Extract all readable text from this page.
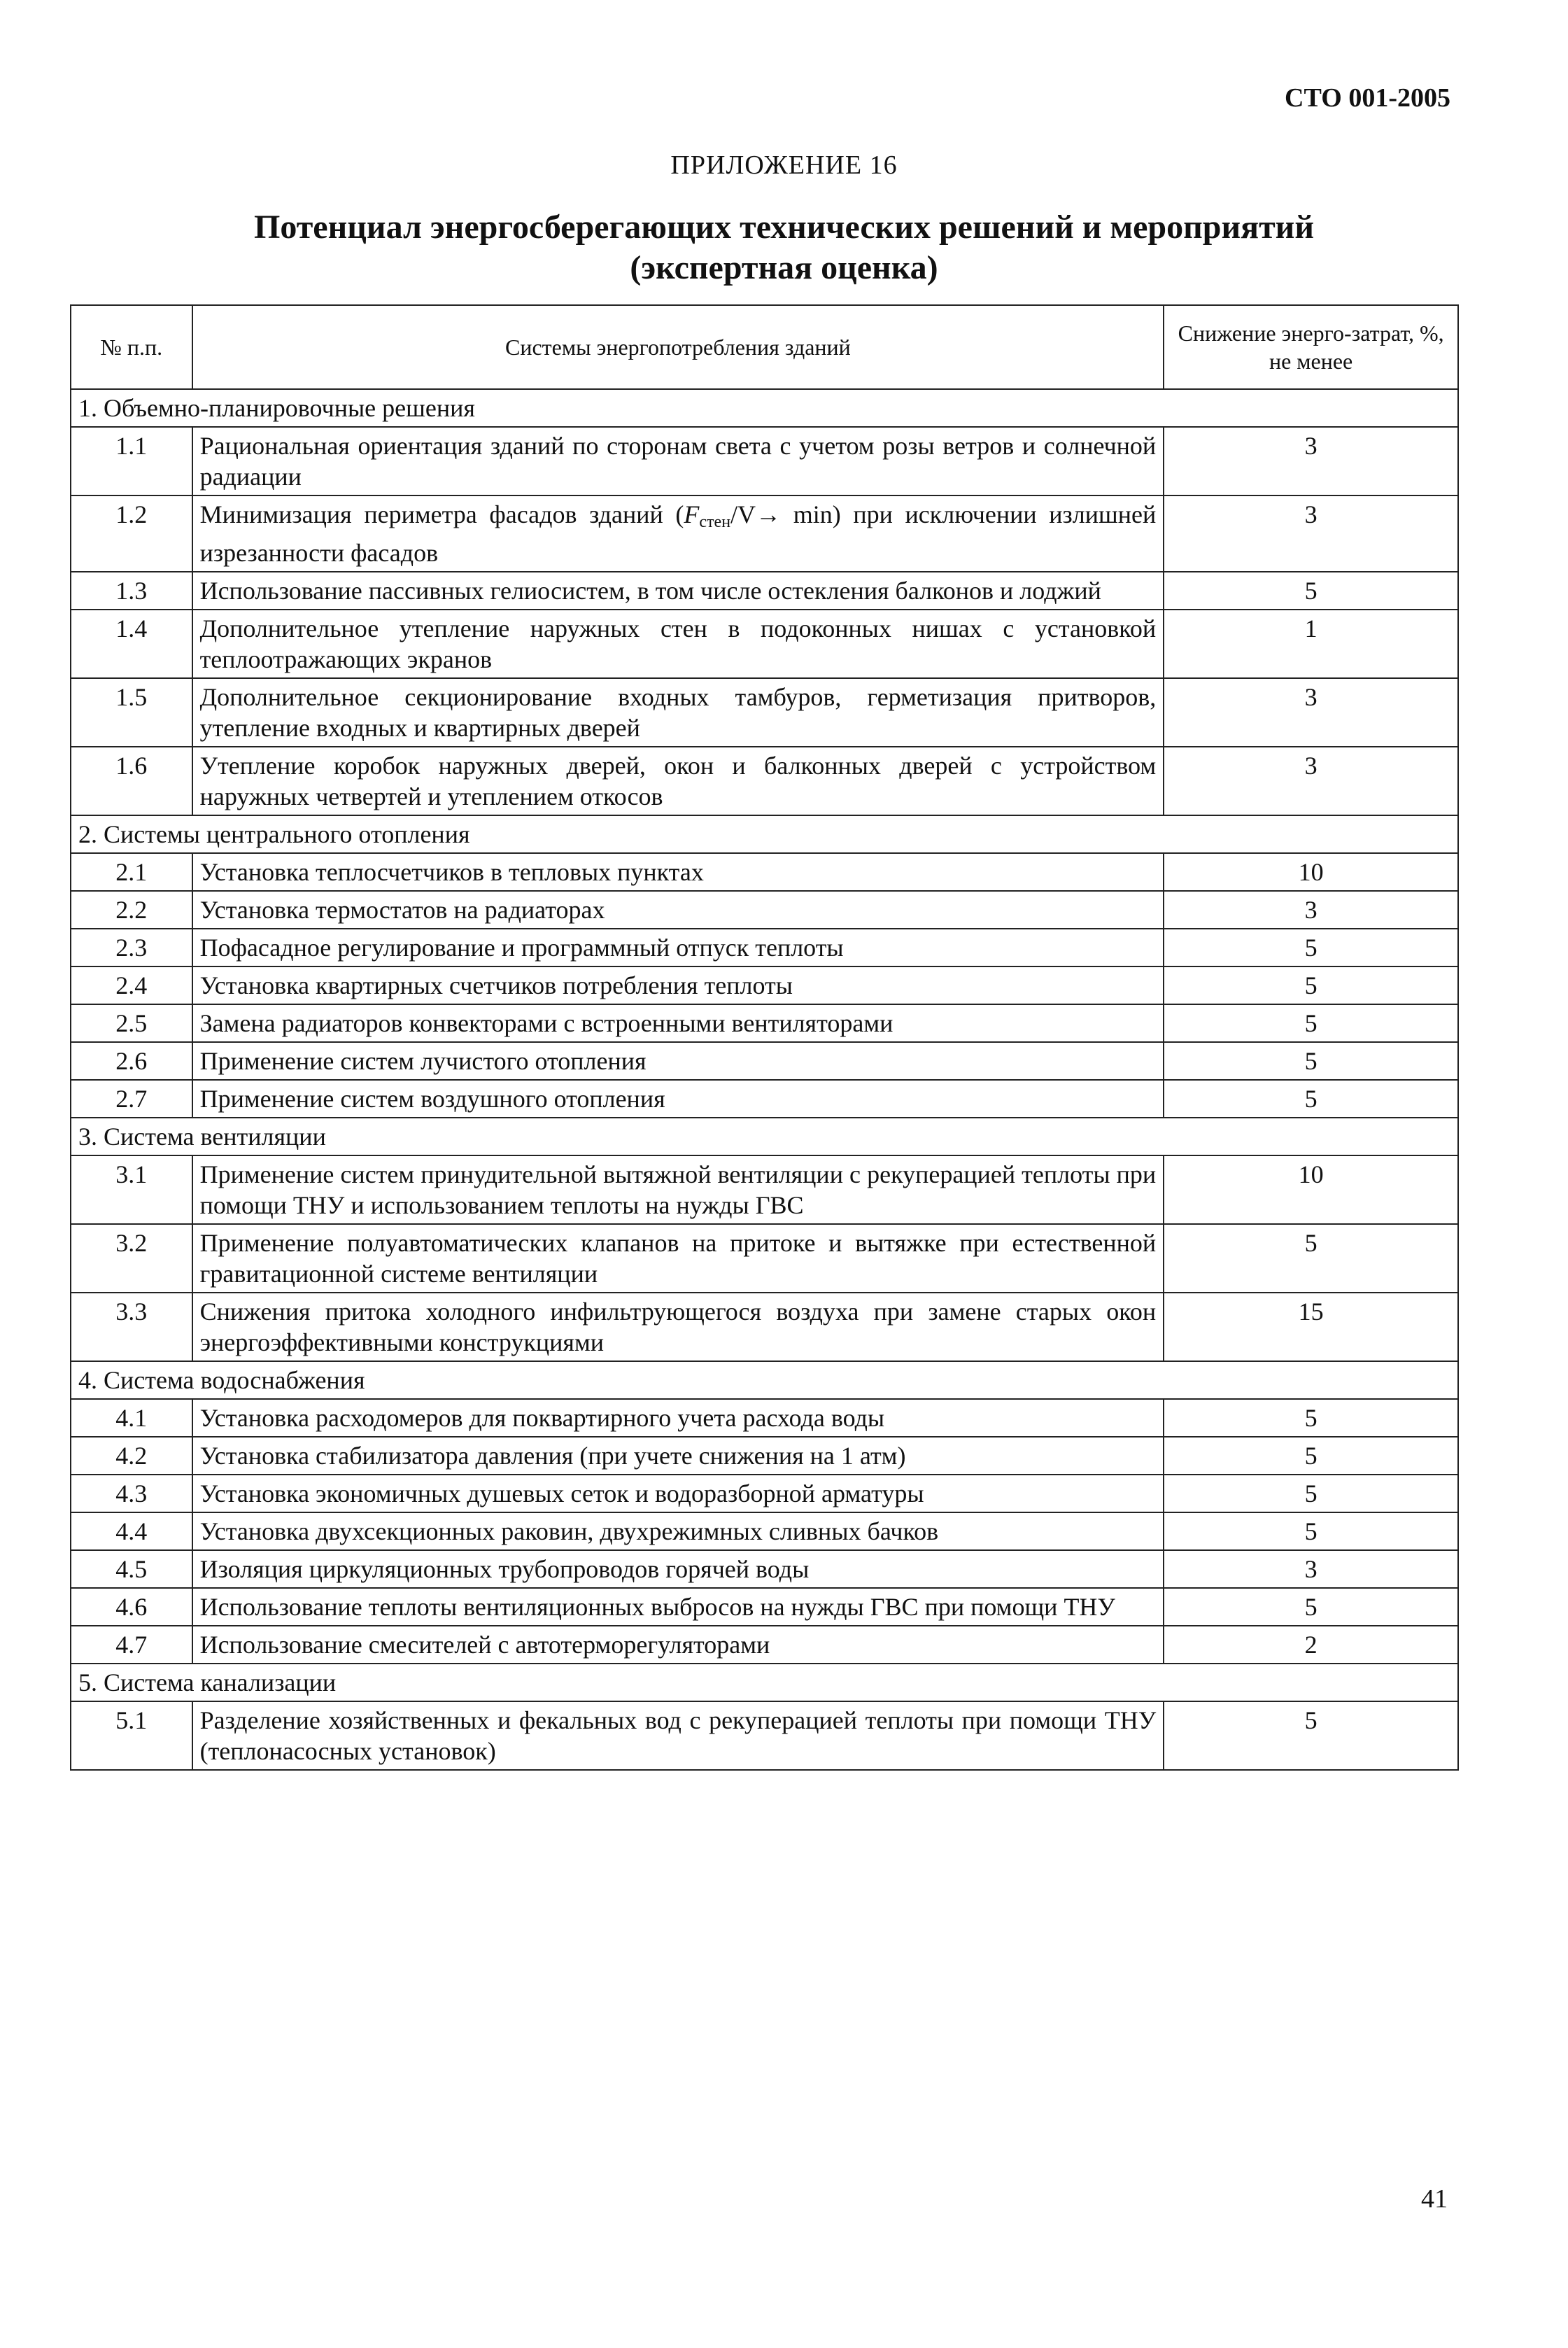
СТО 001-2005
ПРИЛОЖЕНИЕ 16
Потенциал энергосберегающих технических решений и мероприятий
(экспертная оценка)
№ п.п.	Системы энергопотребления зданий	Снижение энерго-затрат, %, не менее
1. Объемно-планировочные решения		
1.1	Рациональная ориентация зданий по сторонам света с учетом розы ветров и солнечной радиации	3
1.2	Минимизация периметра фасадов зданий $(F_{стен}/V\to \min)$ при исключении излишней изрезанности фасадов	3
1.3	Использование пассивных гелиосистем, в том числе остекления балконов и лоджий	5
1.4	Дополнительное утепление наружных стен в подоконных нишах с установкой теплоотражающих экранов	1
1.5	Дополнительное секционирование входных тамбуров, герметизация притворов, утепление входных и квартирных дверей	3
1.6	Утепление коробок наружных дверей, окон и балконных дверей с устройством наружных четвертей и утеплением откосов	3
2. Системы центрального отопления		
2.1	Установка теплосчетчиков в тепловых пунктах	10
2.2	Установка термостатов на радиаторах	3
2.3	Пофасадное регулирование и программный отпуск теплоты	5
2.4	Установка квартирных счетчиков потребления теплоты	5
2.5	Замена радиаторов конвекторами с встроенными вентиляторами	5
2.6	Применение систем лучистого отопления	5
2.7	Применение систем воздушного отопления	5
3. Система вентиляции		
3.1	Применение систем принудительной вытяжной вентиляции с рекуперацией теплоты при помощи ТНУ и использованием теплоты на нужды ГВС	10
3.2	Применение полуавтоматических клапанов на притоке и вытяжке при естественной гравитационной системе вентиляции	5
3.3	Снижения притока холодного инфильтрующегося воздуха при замене старых окон энергоэффективными конструкциями	15
4. Система водоснабжения		
4.1	Установка расходомеров для поквартирного учета расхода воды	5
4.2	Установка стабилизатора давления (при учете снижения на 1 атм)	5
4.3	Установка экономичных душевых сеток и водоразборной арматуры	5
4.4	Установка двухсекционных раковин, двухрежимных сливных бачков	5
4.5	Изоляция циркуляционных трубопроводов горячей воды	3
4.6	Использование теплоты вентиляционных выбросов на нужды ГВС при помощи ТНУ	5
4.7	Использование смесителей с автотерморегуляторами	2
5. Система канализации		
5.1	Разделение хозяйственных и фекальных вод с рекуперацией теплоты при помощи ТНУ (теплонасосных установок)	5
41
